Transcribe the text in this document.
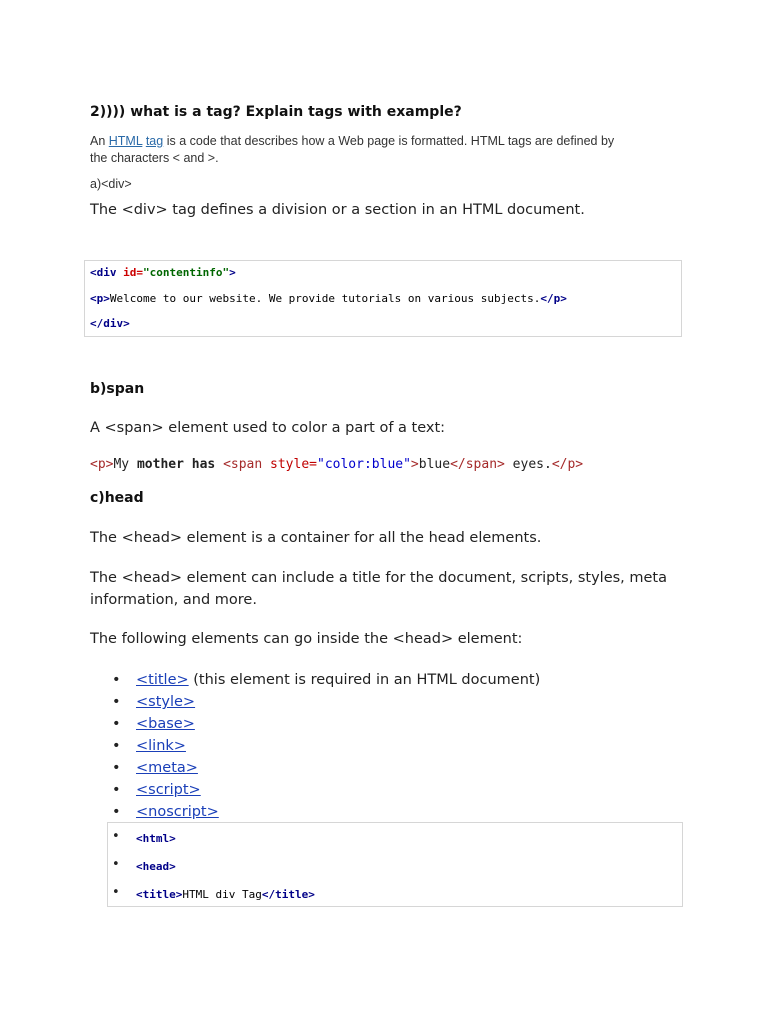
2)))) what is a tag? Explain tags with example?
An HTML tag is a code that describes how a Web page is formatted. HTML tags are defined by
the characters < and >.
a)<div>
The <div> tag defines a division or a section in an HTML document.
<div id="contentinfo">
<p>Welcome to our website. We provide tutorials on various subjects.</p>
</div>
b)span
A <span> element used to color a part of a text:
<p>My mother has <span style="color:blue">blue</span> eyes.</p>
c)head
The <head> element is a container for all the head elements.
The <head> element can include a title for the document, scripts, styles, meta
information, and more.
The following elements can go inside the <head> element:
• <title> (this element is required in an HTML document)
• <style>
• <base>
• <link>
• <meta>
• <script>
• <noscript>
• <html>
• <head>
• <title>HTML div Tag</title>
